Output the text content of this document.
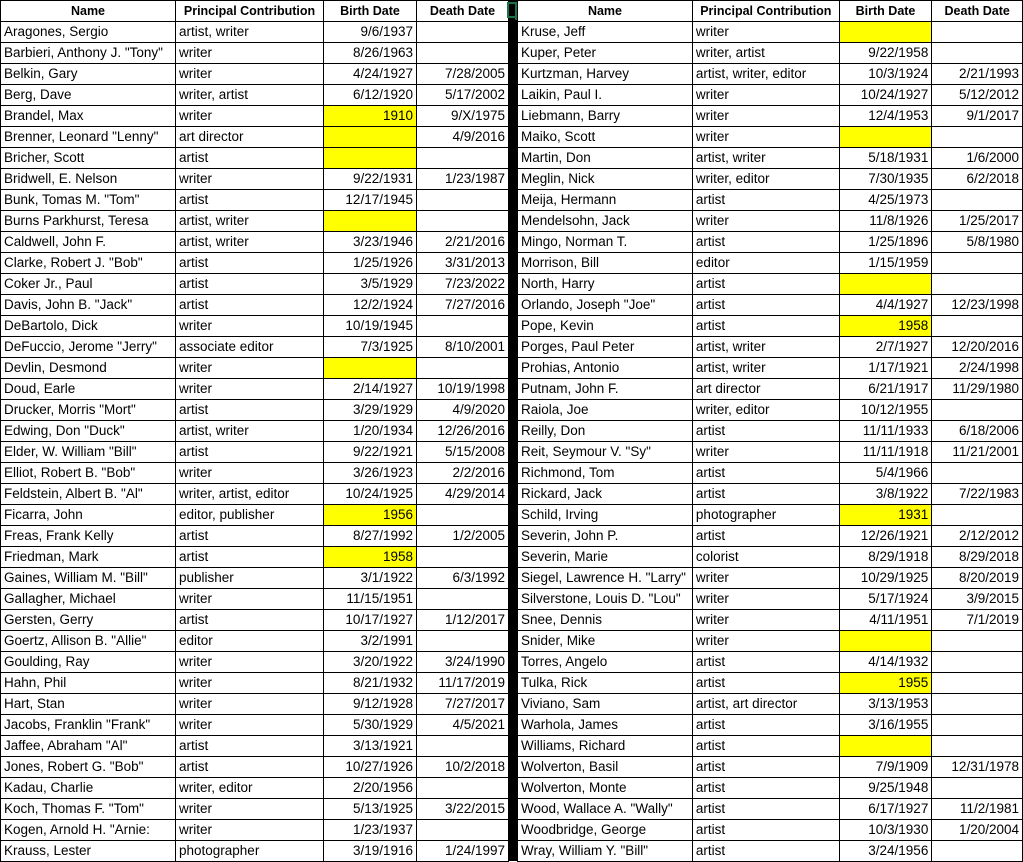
Name	Principal Contribution	Birth Date	Death Date
Aragones, Sergio	artist, writer	9/6/1937	
Barbieri, Anthony J. "Tony"	writer	8/26/1963	
Belkin, Gary	writer	4/24/1927	7/28/2005
Berg, Dave	writer, artist	6/12/1920	5/17/2002
Brandel, Max	writer	1910	9/X/1975
Brenner, Leonard "Lenny"	art director		4/9/2016
Bricher, Scott	artist		
Bridwell, E. Nelson	writer	9/22/1931	1/23/1987
Bunk, Tomas M. "Tom"	artist	12/17/1945	
Burns Parkhurst, Teresa	artist, writer		
Caldwell, John F.	artist, writer	3/23/1946	2/21/2016
Clarke, Robert J. "Bob"	artist	1/25/1926	3/31/2013
Coker Jr., Paul	artist	3/5/1929	7/23/2022
Davis, John B. "Jack"	artist	12/2/1924	7/27/2016
DeBartolo, Dick	writer	10/19/1945	
DeFuccio, Jerome "Jerry"	associate editor	7/3/1925	8/10/2001
Devlin, Desmond	writer		
Doud, Earle	writer	2/14/1927	10/19/1998
Drucker, Morris "Mort"	artist	3/29/1929	4/9/2020
Edwing, Don "Duck"	artist, writer	1/20/1934	12/26/2016
Elder, W. William "Bill"	artist	9/22/1921	5/15/2008
Elliot, Robert B. "Bob"	writer	3/26/1923	2/2/2016
Feldstein, Albert B. "Al"	writer, artist, editor	10/24/1925	4/29/2014
Ficarra, John	editor, publisher	1956	
Freas, Frank Kelly	artist	8/27/1992	1/2/2005
Friedman, Mark	artist	1958	
Gaines, William M. "Bill"	publisher	3/1/1922	6/3/1992
Gallagher, Michael	writer	11/15/1951	
Gersten, Gerry	artist	10/17/1927	1/12/2017
Goertz, Allison B. "Allie"	editor	3/2/1991	
Goulding, Ray	writer	3/20/1922	3/24/1990
Hahn, Phil	writer	8/21/1932	11/17/2019
Hart, Stan	writer	9/12/1928	7/27/2017
Jacobs, Franklin "Frank"	writer	5/30/1929	4/5/2021
Jaffee, Abraham "Al"	artist	3/13/1921	
Jones, Robert G. "Bob"	artist	10/27/1926	10/2/2018
Kadau, Charlie	writer, editor	2/20/1956	
Koch, Thomas F. "Tom"	writer	5/13/1925	3/22/2015
Kogen, Arnold H. "Arnie:	writer	1/23/1937	
Krauss, Lester	photographer	3/19/1916	1/24/1997
Name	Principal Contribution	Birth Date	Death Date
Kruse, Jeff	writer		
Kuper, Peter	writer, artist	9/22/1958	
Kurtzman, Harvey	artist, writer, editor	10/3/1924	2/21/1993
Laikin, Paul I.	writer	10/24/1927	5/12/2012
Liebmann, Barry	writer	12/4/1953	9/1/2017
Maiko, Scott	writer		
Martin, Don	artist, writer	5/18/1931	1/6/2000
Meglin, Nick	writer, editor	7/30/1935	6/2/2018
Meija, Hermann	artist	4/25/1973	
Mendelsohn, Jack	writer	11/8/1926	1/25/2017
Mingo, Norman T.	artist	1/25/1896	5/8/1980
Morrison, Bill	editor	1/15/1959	
North, Harry	artist		
Orlando, Joseph "Joe"	artist	4/4/1927	12/23/1998
Pope, Kevin	artist	1958	
Porges, Paul Peter	artist, writer	2/7/1927	12/20/2016
Prohias, Antonio	artist, writer	1/17/1921	2/24/1998
Putnam, John F.	art director	6/21/1917	11/29/1980
Raiola, Joe	writer, editor	10/12/1955	
Reilly, Don	artist	11/11/1933	6/18/2006
Reit, Seymour V. "Sy"	writer	11/11/1918	11/21/2001
Richmond, Tom	artist	5/4/1966	
Rickard, Jack	artist	3/8/1922	7/22/1983
Schild, Irving	photographer	1931	
Severin, John P.	artist	12/26/1921	2/12/2012
Severin, Marie	colorist	8/29/1918	8/29/2018
Siegel, Lawrence H. "Larry"	writer	10/29/1925	8/20/2019
Silverstone, Louis D. "Lou"	writer	5/17/1924	3/9/2015
Snee, Dennis	writer	4/11/1951	7/1/2019
Snider, Mike	writer		
Torres, Angelo	artist	4/14/1932	
Tulka, Rick	artist	1955	
Viviano, Sam	artist, art director	3/13/1953	
Warhola, James	artist	3/16/1955	
Williams, Richard	artist		
Wolverton, Basil	artist	7/9/1909	12/31/1978
Wolverton, Monte	artist	9/25/1948	
Wood, Wallace A. "Wally"	artist	6/17/1927	11/2/1981
Woodbridge, George	artist	10/3/1930	1/20/2004
Wray, William Y. "Bill"	artist	3/24/1956	
